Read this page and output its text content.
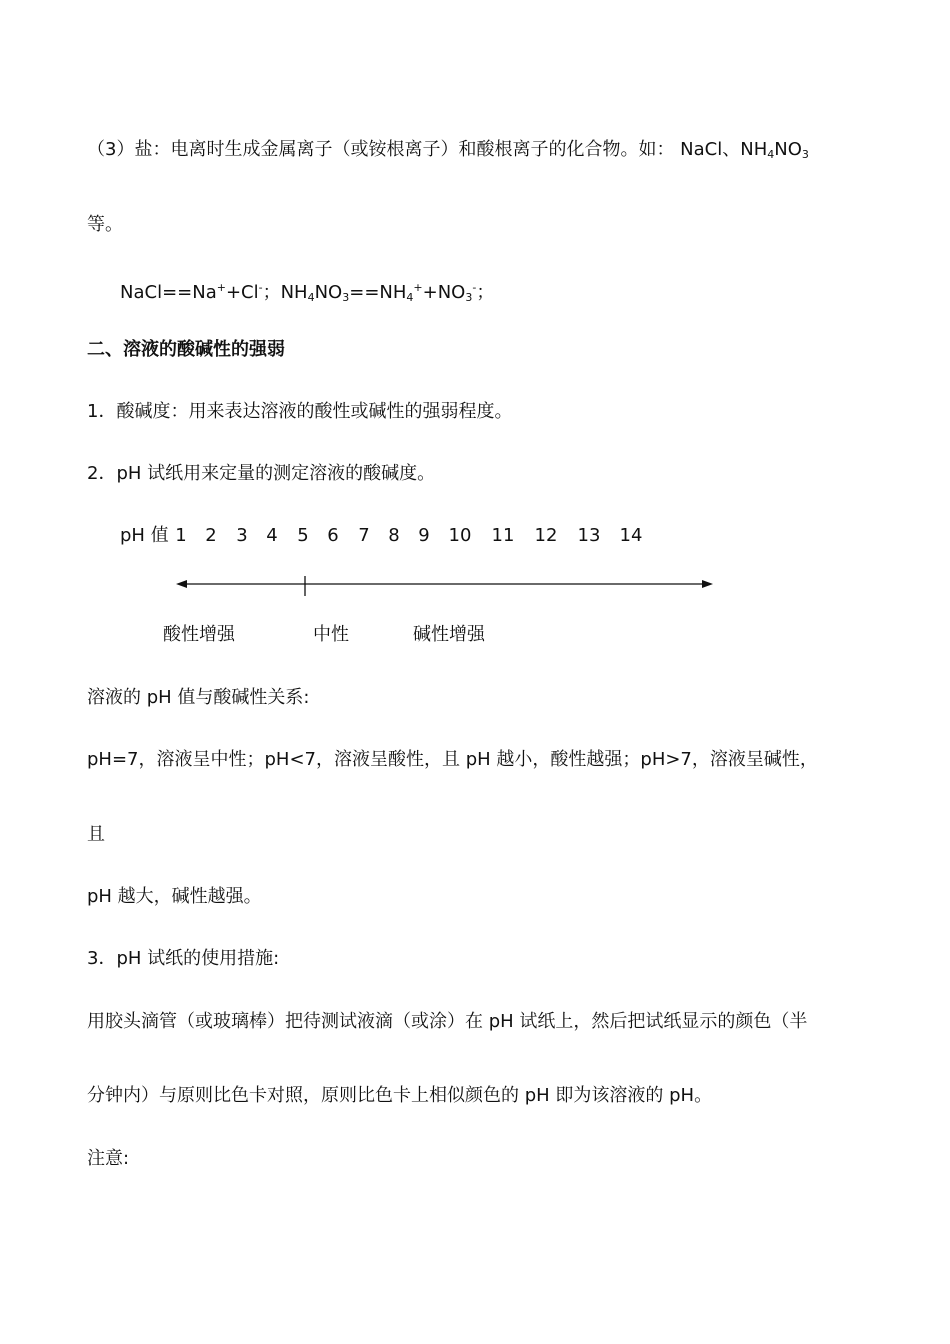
（3）盐：电离时生成金属离子（或铵根离子）和酸根离子的化合物。如： NaCl、$NH_4NO_3$
等。
NaCl==Na++Cl-；$NH_4NO_3==NH_4^++NO_3^-$；
二、溶液的酸碱性的强弱
1．酸碱度：用来表达溶液的酸性或碱性的强弱程度。
2．pH 试纸用来定量的测定溶液的酸碱度。
pH 值 1	2	3	4	5	6	7	8	9	10 11 12 13 14
酸性增强	中性	碱性增强
溶液的 pH 值与酸碱性关系:
pH=7，溶液呈中性；pH<7，溶液呈酸性，且 pH 越小，酸性越强；pH>7，溶液呈碱性，
且
pH 越大，碱性越强。
3．pH 试纸的使用措施:
用胶头滴管（或玻璃棒）把待测试液滴（或涂）在 pH 试纸上，然后把试纸显示的颜色（半
分钟内）与原则比色卡对照，原则比色卡上相似颜色的 pH 即为该溶液的 pH。
注意:
